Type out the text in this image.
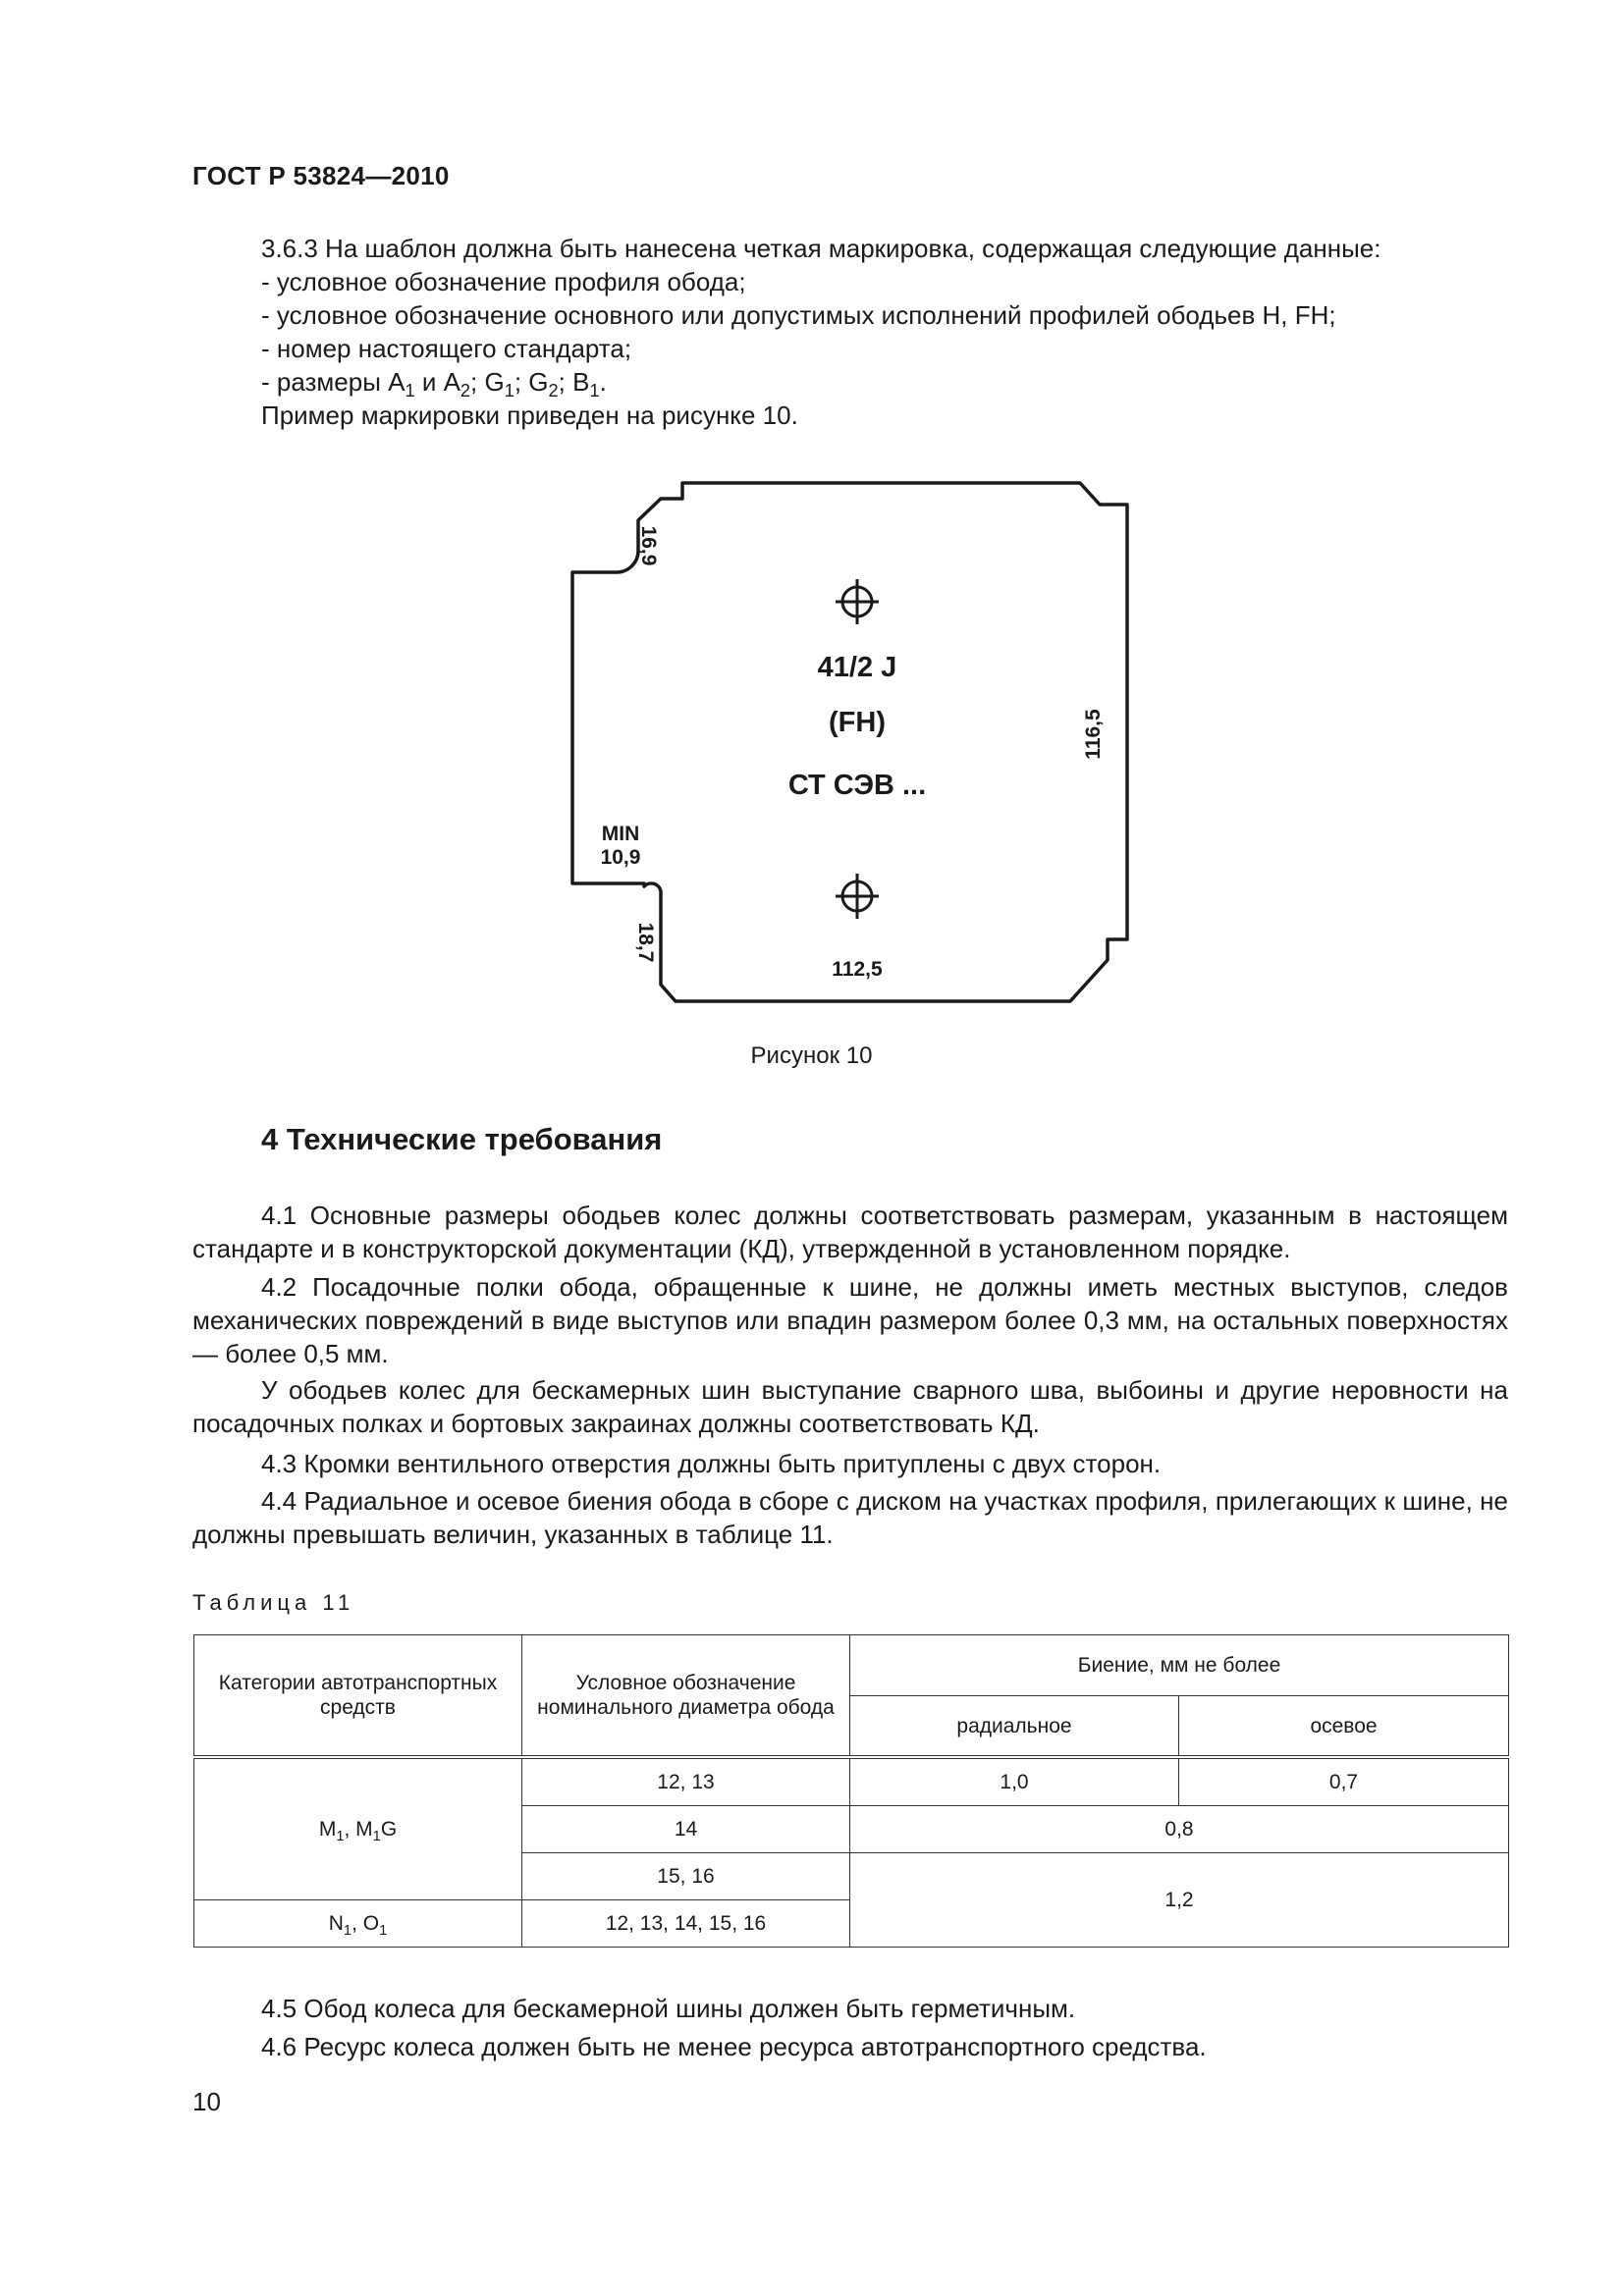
ГОСТ Р 53824—2010
3.6.3 На шаблон должна быть нанесена четкая маркировка, содержащая следующие данные:
- условное обозначение профиля обода;
- условное обозначение основного или допустимых исполнений профилей ободьев H, FH;
- номер настоящего стандарта;
- размеры $A_1$ и $A_2$; $G_1$; $G_2$; $B_1$.
Пример маркировки приведен на рисунке 10.
41/2 J
(FH)
СТ СЭВ ...
16,9
116,5
MIN
10,9
18,7
112,5
Рисунок 10
4 Технические требования
4.1 Основные размеры ободьев колес должны соответствовать размерам, указанным в настоящем стандарте и в конструкторской документации (КД), утвержденной в установленном порядке.
4.2 Посадочные полки обода, обращенные к шине, не должны иметь местных выступов, следов механических повреждений в виде выступов или впадин размером более 0,3 мм, на остальных поверхностях — более 0,5 мм.
У ободьев колес для бескамерных шин выступание сварного шва, выбоины и другие неровности на посадочных полках и бортовых закраинах должны соответствовать КД.
4.3 Кромки вентильного отверстия должны быть притуплены с двух сторон.
4.4 Радиальное и осевое биения обода в сборе с диском на участках профиля, прилегающих к шине, не должны превышать величин, указанных в таблице 11.
Таблица 11
Категории автотранспортных средств	Условное обозначение номинального диаметра обода	Биение, мм не более	
		радиальное	осевое
$M_1$, $M_1G$	12, 13	1,0	0,7
	14	0,8	
	15, 16	1,2	
$N_1$, $O_1$	12, 13, 14, 15, 16		
4.5 Обод колеса для бескамерной шины должен быть герметичным.
4.6 Ресурс колеса должен быть не менее ресурса автотранспортного средства.
10
